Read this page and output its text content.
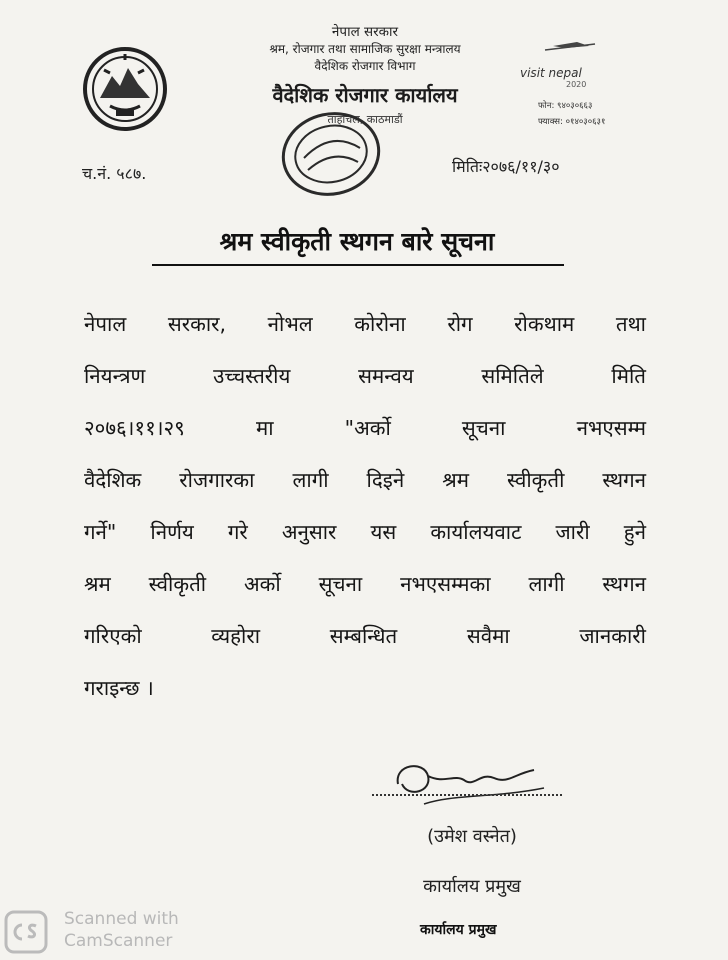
नेपाल सरकार
श्रम, रोजगार तथा सामाजिक सुरक्षा मन्त्रालय
वैदेशिक रोजगार विभाग
वैदेशिक रोजगार कार्यालय
ताहाचल, काठमाडौं
visit nepal
2020
फोन: ९४०३०६६३
फ्याक्स: ०१४०३०६३१
च.नं. ५८७.	मितिः२०७६/११/३०
श्रम स्वीकृती स्थगन बारे सूचना
नेपाल सरकार, नोभल कोरोना रोग रोकथाम तथा
नियन्त्रण उच्चस्तरीय समन्वय समितिले मिति
२०७६।११।२९ मा "अर्को सूचना नभएसम्म
वैदेशिक रोजगारका लागी दिइने श्रम स्वीकृती स्थगन
गर्ने" निर्णय गरे अनुसार यस कार्यालयवाट जारी हुने
श्रम स्वीकृती अर्को सूचना नभएसम्मका लागी स्थगन
गरिएको व्यहोरा सम्बन्धित सवैमा जानकारी
गराइन्छ ।
(उमेश वस्नेत)
कार्यालय प्रमुख
कार्यालय प्रमुख
Scanned with
CamScanner
